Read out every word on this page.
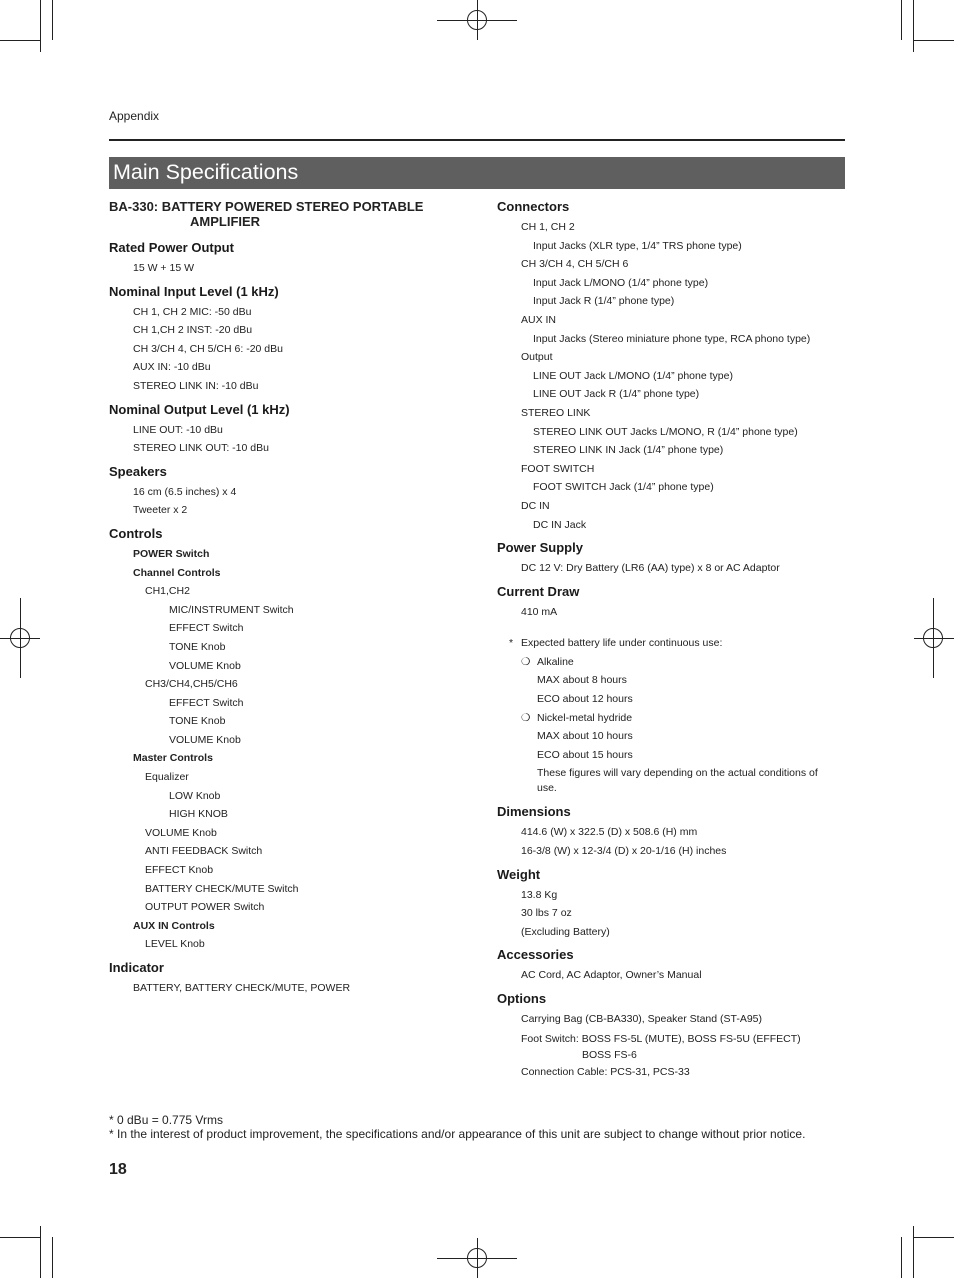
Appendix
Main Specifications
BA-330: BATTERY POWERED STEREO PORTABLE
AMPLIFIER
Rated Power Output
15 W + 15 W
Nominal Input Level (1 kHz)
CH 1, CH 2 MIC: -50 dBu
CH 1,CH 2 INST: -20 dBu
CH 3/CH 4, CH 5/CH 6: -20 dBu
AUX IN: -10 dBu
STEREO LINK IN: -10 dBu
Nominal Output Level (1 kHz)
LINE OUT: -10 dBu
STEREO LINK OUT: -10 dBu
Speakers
16 cm (6.5 inches) x 4
Tweeter x 2
Controls
POWER Switch
Channel Controls
CH1,CH2
MIC/INSTRUMENT Switch
EFFECT Switch
TONE Knob
VOLUME Knob
CH3/CH4,CH5/CH6
EFFECT Switch
TONE Knob
VOLUME Knob
Master Controls
Equalizer
LOW Knob
HIGH KNOB
VOLUME Knob
ANTI FEEDBACK Switch
EFFECT Knob
BATTERY CHECK/MUTE Switch
OUTPUT POWER Switch
AUX IN Controls
LEVEL Knob
Indicator
BATTERY, BATTERY CHECK/MUTE, POWER
Connectors
CH 1, CH 2
Input Jacks (XLR type, 1/4” TRS phone type)
CH 3/CH 4, CH 5/CH 6
Input Jack L/MONO (1/4” phone type)
Input Jack R (1/4” phone type)
AUX IN
Input Jacks (Stereo miniature phone type, RCA phono type)
Output
LINE OUT Jack L/MONO (1/4” phone type)
LINE OUT Jack R (1/4” phone type)
STEREO LINK
STEREO LINK OUT Jacks L/MONO, R (1/4” phone type)
STEREO LINK IN Jack (1/4” phone type)
FOOT SWITCH
FOOT SWITCH Jack (1/4” phone type)
DC IN
DC IN Jack
Power Supply
DC 12 V: Dry Battery (LR6 (AA) type) x 8 or AC Adaptor
Current Draw
410 mA
* Expected battery life under continuous use:
❍ Alkaline
MAX about 8 hours
ECO about 12 hours
❍ Nickel-metal hydride
MAX about 10 hours
ECO about 15 hours
These figures will vary depending on the actual conditions of use.
Dimensions
414.6 (W) x 322.5 (D) x 508.6 (H) mm
16-3/8 (W) x 12-3/4 (D) x 20-1/16 (H) inches
Weight
13.8 Kg
30 lbs 7 oz
(Excluding Battery)
Accessories
AC Cord, AC Adaptor, Owner’s Manual
Options
Carrying Bag (CB-BA330), Speaker Stand (ST-A95)
Foot Switch: BOSS FS-5L (MUTE), BOSS FS-5U (EFFECT)
BOSS FS-6
Connection Cable: PCS-31, PCS-33
* 0 dBu = 0.775 Vrms
* In the interest of product improvement, the specifications and/or appearance of this unit are subject to change without prior notice.
18
